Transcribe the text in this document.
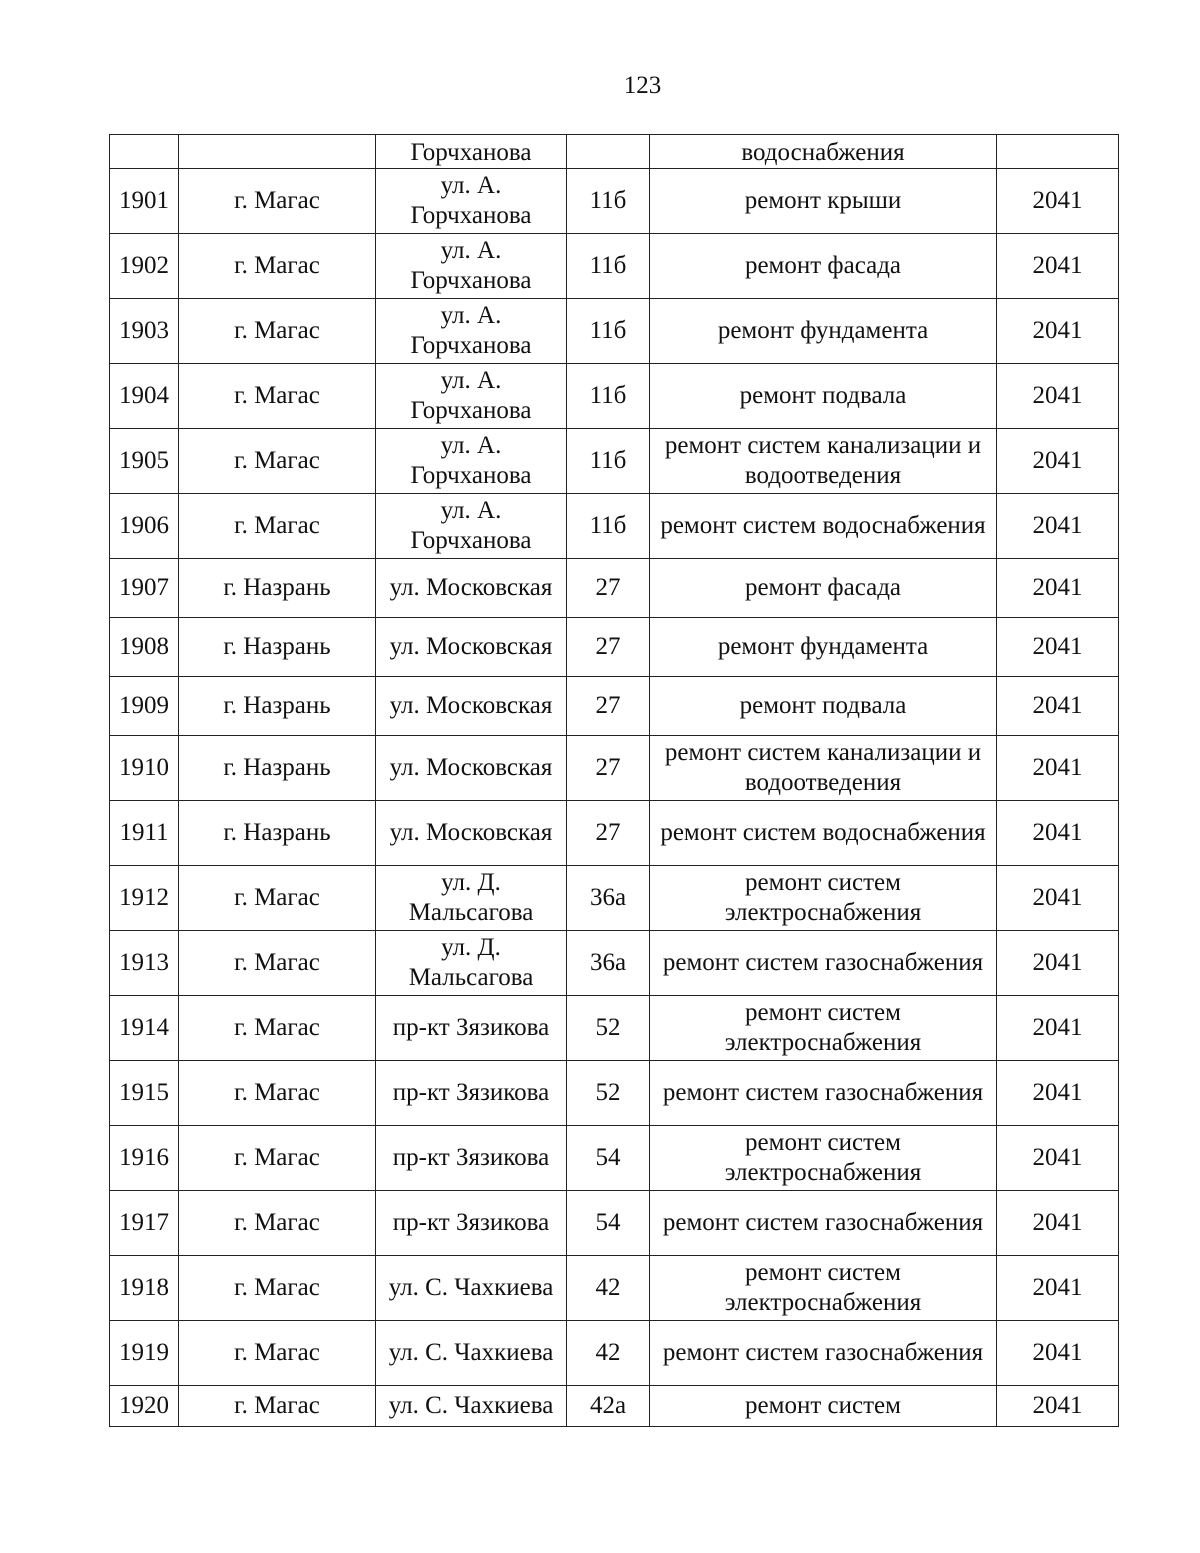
123
		Горчханова		водоснабжения	
1901	г. Магас	ул. А. Горчханова	11б	ремонт крыши	2041
1902	г. Магас	ул. А. Горчханова	11б	ремонт фасада	2041
1903	г. Магас	ул. А. Горчханова	11б	ремонт фундамента	2041
1904	г. Магас	ул. А. Горчханова	11б	ремонт подвала	2041
1905	г. Магас	ул. А. Горчханова	11б	ремонт систем канализации и водоотведения	2041
1906	г. Магас	ул. А. Горчханова	11б	ремонт систем водоснабжения	2041
1907	г. Назрань	ул. Московская	27	ремонт фасада	2041
1908	г. Назрань	ул. Московская	27	ремонт фундамента	2041
1909	г. Назрань	ул. Московская	27	ремонт подвала	2041
1910	г. Назрань	ул. Московская	27	ремонт систем канализации и водоотведения	2041
1911	г. Назрань	ул. Московская	27	ремонт систем водоснабжения	2041
1912	г. Магас	ул. Д. Мальсагова	36а	ремонт систем электроснабжения	2041
1913	г. Магас	ул. Д. Мальсагова	36а	ремонт систем газоснабжения	2041
1914	г. Магас	пр-кт Зязикова	52	ремонт систем электроснабжения	2041
1915	г. Магас	пр-кт Зязикова	52	ремонт систем газоснабжения	2041
1916	г. Магас	пр-кт Зязикова	54	ремонт систем электроснабжения	2041
1917	г. Магас	пр-кт Зязикова	54	ремонт систем газоснабжения	2041
1918	г. Магас	ул. С. Чахкиева	42	ремонт систем электроснабжения	2041
1919	г. Магас	ул. С. Чахкиева	42	ремонт систем газоснабжения	2041
1920	г. Магас	ул. С. Чахкиева	42а	ремонт систем	2041
